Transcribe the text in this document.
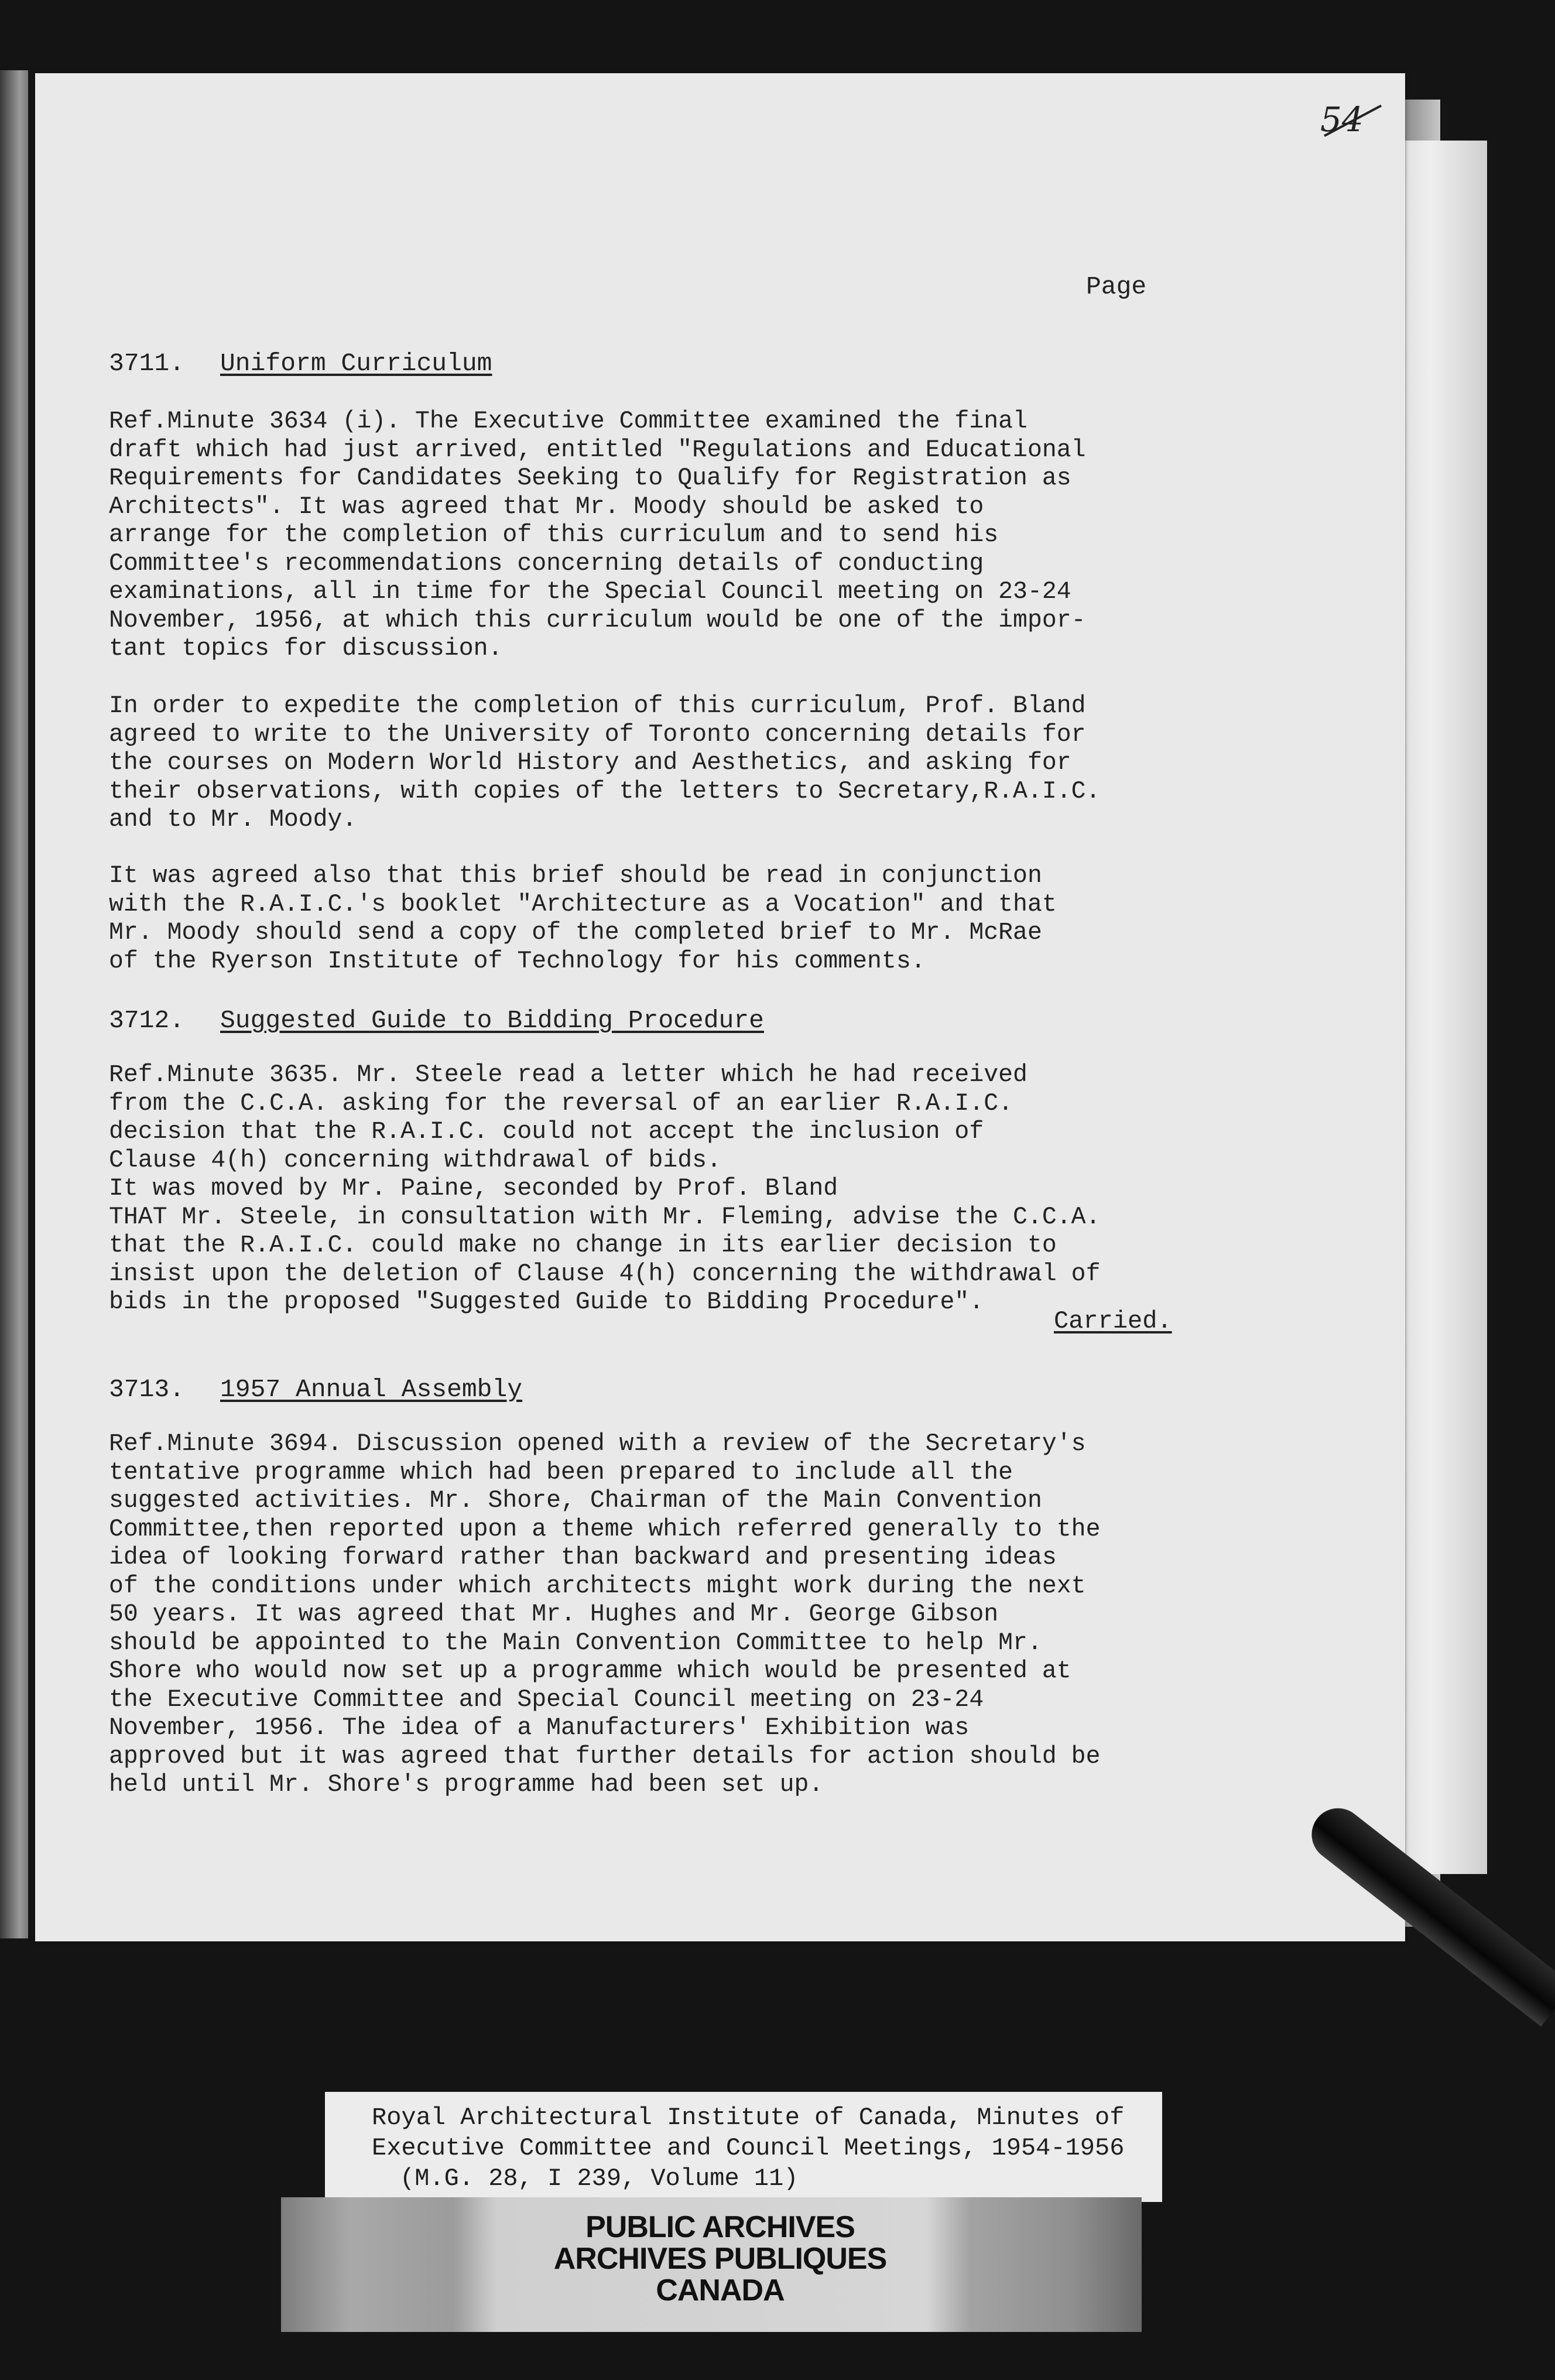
54
Page
3711. Uniform Curriculum
Ref.Minute 3634 (i). The Executive Committee examined the final
draft which had just arrived, entitled "Regulations and Educational
Requirements for Candidates Seeking to Qualify for Registration as
Architects". It was agreed that Mr. Moody should be asked to
arrange for the completion of this curriculum and to send his
Committee's recommendations concerning details of conducting
examinations, all in time for the Special Council meeting on 23-24
November, 1956, at which this curriculum would be one of the impor-
tant topics for discussion.
In order to expedite the completion of this curriculum, Prof. Bland
agreed to write to the University of Toronto concerning details for
the courses on Modern World History and Aesthetics, and asking for
their observations, with copies of the letters to Secretary,R.A.I.C.
and to Mr. Moody.
It was agreed also that this brief should be read in conjunction
with the R.A.I.C.'s booklet "Architecture as a Vocation" and that
Mr. Moody should send a copy of the completed brief to Mr. McRae
of the Ryerson Institute of Technology for his comments.
3712. Suggested Guide to Bidding Procedure
Ref.Minute 3635. Mr. Steele read a letter which he had received
from the C.C.A. asking for the reversal of an earlier R.A.I.C.
decision that the R.A.I.C. could not accept the inclusion of
Clause 4(h) concerning withdrawal of bids.
It was moved by Mr. Paine, seconded by Prof. Bland
THAT Mr. Steele, in consultation with Mr. Fleming, advise the C.C.A.
that the R.A.I.C. could make no change in its earlier decision to
insist upon the deletion of Clause 4(h) concerning the withdrawal of
bids in the proposed "Suggested Guide to Bidding Procedure".
Carried.
3713. 1957 Annual Assembly
Ref.Minute 3694. Discussion opened with a review of the Secretary's
tentative programme which had been prepared to include all the
suggested activities. Mr. Shore, Chairman of the Main Convention
Committee,then reported upon a theme which referred generally to the
idea of looking forward rather than backward and presenting ideas
of the conditions under which architects might work during the next
50 years. It was agreed that Mr. Hughes and Mr. George Gibson
should be appointed to the Main Convention Committee to help Mr.
Shore who would now set up a programme which would be presented at
the Executive Committee and Special Council meeting on 23-24
November, 1956. The idea of a Manufacturers' Exhibition was
approved but it was agreed that further details for action should be
held until Mr. Shore's programme had been set up.

Royal Architectural Institute of Canada, Minutes of
Executive Committee and Council Meetings, 1954-1956
(M.G. 28, I 239, Volume 11)

PUBLIC ARCHIVES
ARCHIVES PUBLIQUES
CANADA
